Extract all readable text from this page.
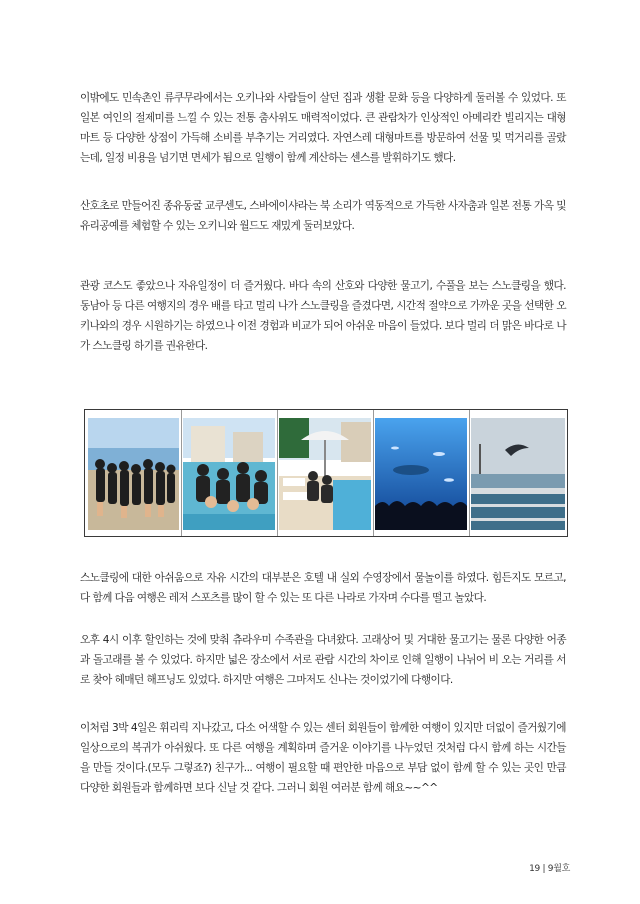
이밖에도 민속촌인 류쿠무라에서는 오키나와 사람들이 살던 집과 생활 문화 등을 다양하게 둘러볼 수 있었다. 또 일본 여인의 절제미를 느낄 수 있는 전통 춤사위도 매력적이었다. 큰 관람차가 인상적인 아메리칸 빌리지는 대형마트 등 다양한 상점이 가득해 소비를 부추기는 거리였다. 자연스레 대형마트를 방문하여 선물 및 먹거리를 골랐는데, 일정 비용을 넘기면 면세가 됨으로 일행이 함께 계산하는 센스를 발휘하기도 했다.

산호초로 만들어진 종유동굴 교쿠센도, 스바에이샤라는 북 소리가 역동적으로 가득한 사자춤과 일본 전통 가옥 및 유리공예를 체험할 수 있는 오키니와 월드도 재밌게 둘러보았다.

관광 코스도 좋았으나 자유일정이 더 즐거웠다. 바다 속의 산호와 다양한 물고기, 수풀을 보는 스노클링을 했다. 동남아 등 다른 여행지의 경우 배를 타고 멀리 나가 스노클링을 즐겼다면, 시간적 절약으로 가까운 곳을 선택한 오키나와의 경우 시원하기는 하였으나 이전 경험과 비교가 되어 아쉬운 마음이 들었다. 보다 멀리 더 맑은 바다로 나가 스노클링 하기를 권유한다.

스노클링에 대한 아쉬움으로 자유 시간의 대부분은 호텔 내 실외 수영장에서 물놀이를 하였다. 힘든지도 모르고, 다 함께 다음 여행은 레저 스포츠를 많이 할 수 있는 또 다른 나라로 가자며 수다를 떨고 놀았다.

오후 4시 이후 할인하는 것에 맞춰 츄라우미 수족관을 다녀왔다. 고래상어 및 거대한 물고기는 물론 다양한 어종과 돌고래를 볼 수 있었다. 하지만 넓은 장소에서 서로 관람 시간의 차이로 인해 일행이 나뉘어 비 오는 거리를 서로 찾아 헤매던 해프닝도 있었다. 하지만 여행은 그마저도 신나는 것이었기에 다행이다.

이처럼 3박 4일은 휘리릭 지나갔고, 다소 어색할 수 있는 센터 회원들이 함께한 여행이 있지만 더없이 즐거웠기에 일상으로의 복귀가 아쉬웠다. 또 다른 여행을 계획하며 즐거운 이야기를 나누었던 것처럼 다시 함께 하는 시간들을 만들 것이다.(모두 그렇죠?) 친구가... 여행이 필요할 때 편안한 마음으로 부담 없이 함께 할 수 있는 곳인 만큼 다양한 회원들과 함께하면 보다 신날 것 같다. 그러니 회원 여러분 함께 해요~~^^

19 | 9월호
